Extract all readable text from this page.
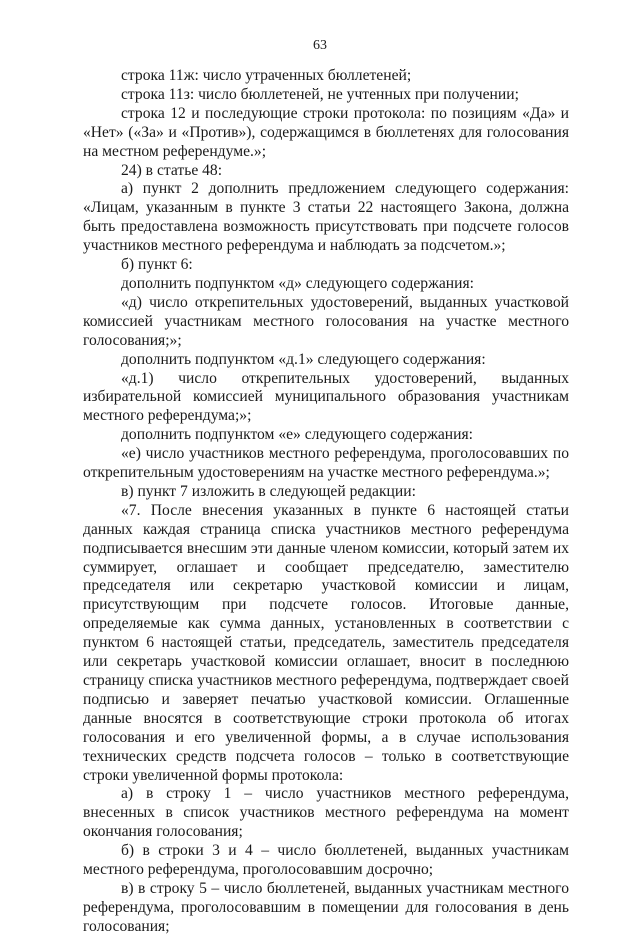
63

строка 11ж: число утраченных бюллетеней;

строка 11з: число бюллетеней, не учтенных при получении;

строка 12 и последующие строки протокола: по позициям «Да» и «Нет» («За» и «Против»), содержащимся в бюллетенях для голосования на местном референдуме.»;

24) в статье 48:

а) пункт 2 дополнить предложением следующего содержания: «Лицам, указанным в пункте 3 статьи 22 настоящего Закона, должна быть предоставлена возможность присутствовать при подсчете голосов участников местного референдума и наблюдать за подсчетом.»;

б) пункт 6:

дополнить подпунктом «д» следующего содержания:

«д) число открепительных удостоверений, выданных участковой комиссией участникам местного голосования на участке местного голосования;»;

дополнить подпунктом «д.1» следующего содержания:

«д.1) число открепительных удостоверений, выданных избирательной комиссией муниципального образования участникам местного референдума;»;

дополнить подпунктом «е» следующего содержания:

«е) число участников местного референдума, проголосовавших по открепительным удостоверениям на участке местного референдума.»;

в) пункт 7 изложить в следующей редакции:

«7. После внесения указанных в пункте 6 настоящей статьи данных каждая страница списка участников местного референдума подписывается внесшим эти данные членом комиссии, который затем их суммирует, оглашает и сообщает председателю, заместителю председателя или секретарю участковой комиссии и лицам, присутствующим при подсчете голосов. Итоговые данные, определяемые как сумма данных, установленных в соответствии с пунктом 6 настоящей статьи, председатель, заместитель председателя или секретарь участковой комиссии оглашает, вносит в последнюю страницу списка участников местного референдума, подтверждает своей подписью и заверяет печатью участковой комиссии. Оглашенные данные вносятся в соответствующие строки протокола об итогах голосования и его увеличенной формы, а в случае использования технических средств подсчета голосов – только в соответствующие строки увеличенной формы протокола:

а) в строку 1 – число участников местного референдума, внесенных в список участников местного референдума на момент окончания голосования;

б) в строки 3 и 4 – число бюллетеней, выданных участникам местного референдума, проголосовавшим досрочно;

в) в строку 5 – число бюллетеней, выданных участникам местного референдума, проголосовавшим в помещении для голосования в день голосования;
